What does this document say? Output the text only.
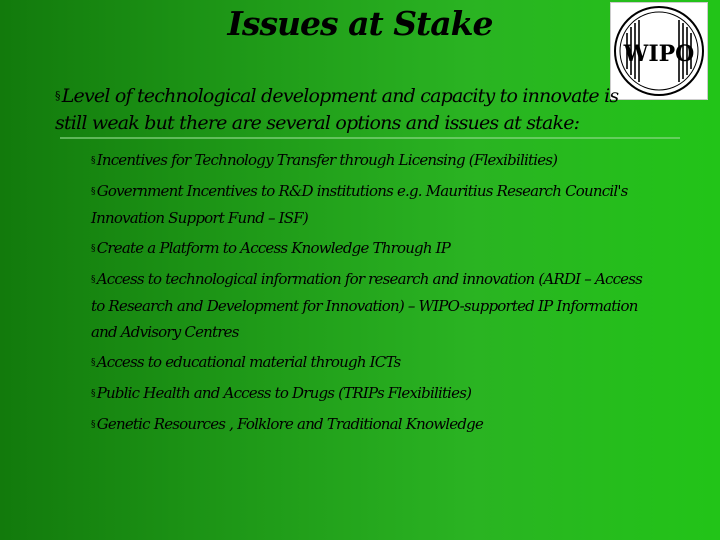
Issues at Stake
WIPO

§ Level of technological development and capacity to innovate is still weak but there are several options and issues at stake:

§ Incentives for Technology Transfer through Licensing (Flexibilities)
§ Government Incentives to R&D institutions e.g. Mauritius Research Council's Innovation Support Fund – ISF)
§ Create a Platform to Access Knowledge Through IP
§ Access to technological information for research and innovation (ARDI – Access to Research and Development for Innovation) – WIPO-supported IP Information and Advisory Centres
§ Access to educational material through ICTs
§ Public Health and Access to Drugs (TRIPs Flexibilities)
§ Genetic Resources , Folklore and Traditional Knowledge
